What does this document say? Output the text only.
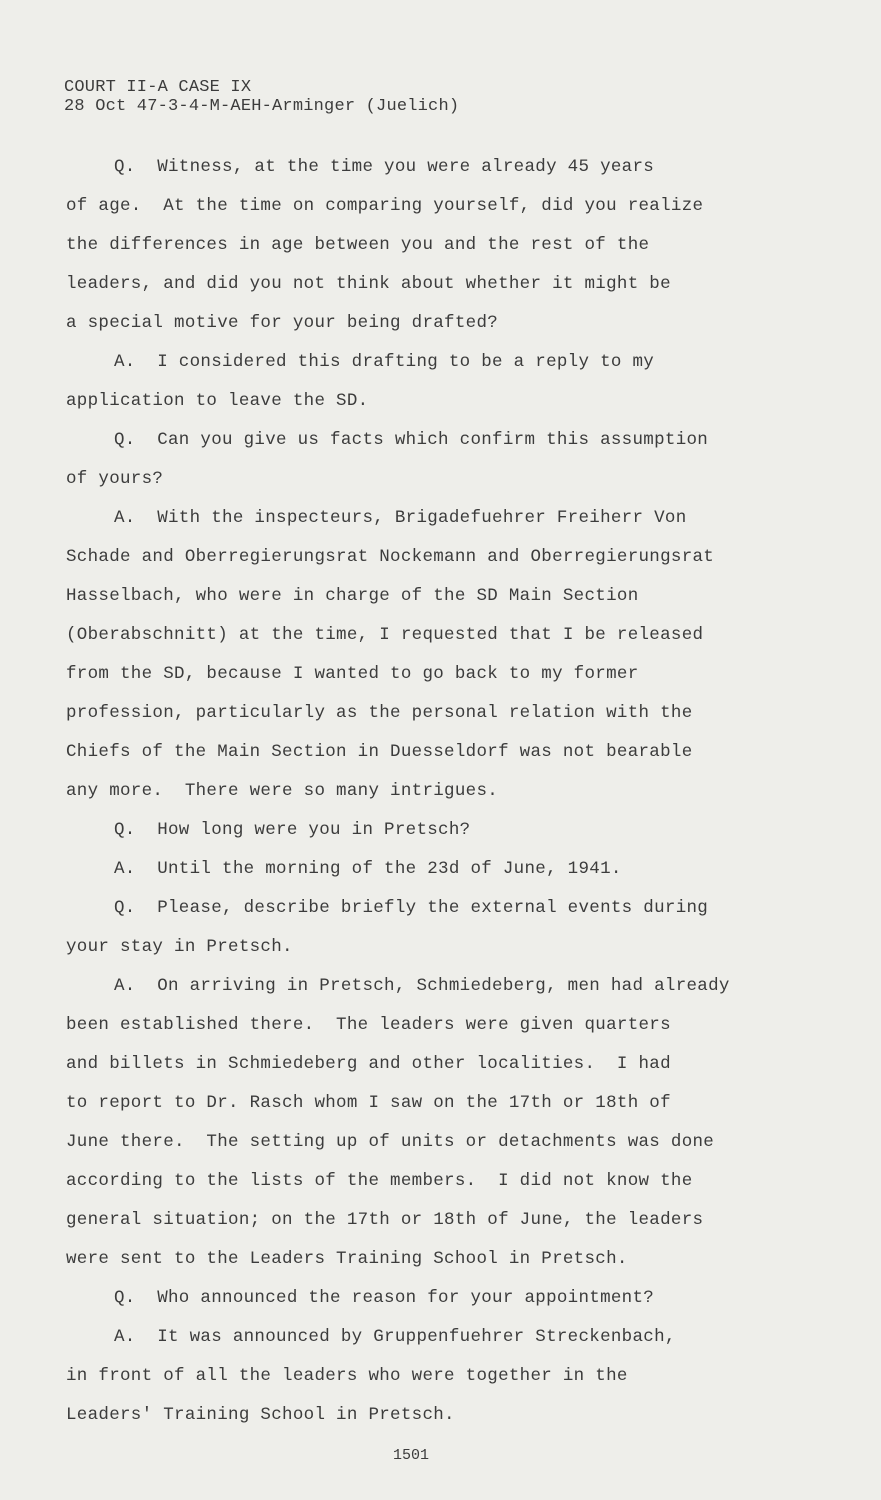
COURT II-A CASE IX
28 Oct 47-3-4-M-AEH-Arminger (Juelich)
Q.  Witness, at the time you were already 45 years
of age.  At the time on comparing yourself, did you realize
the differences in age between you and the rest of the
leaders, and did you not think about whether it might be
a special motive for your being drafted?
A.  I considered this drafting to be a reply to my
application to leave the SD.
Q.  Can you give us facts which confirm this assumption
of yours?
A.  With the inspecteurs, Brigadefuehrer Freiherr Von
Schade and Oberregierungsrat Nockemann and Oberregierungsrat
Hasselbach, who were in charge of the SD Main Section
(Oberabschnitt) at the time, I requested that I be released
from the SD, because I wanted to go back to my former
profession, particularly as the personal relation with the
Chiefs of the Main Section in Duesseldorf was not bearable
any more.  There were so many intrigues.
Q.  How long were you in Pretsch?
A.  Until the morning of the 23d of June, 1941.
Q.  Please, describe briefly the external events during
your stay in Pretsch.
A.  On arriving in Pretsch, Schmiedeberg, men had already
been established there.  The leaders were given quarters
and billets in Schmiedeberg and other localities.  I had
to report to Dr. Rasch whom I saw on the 17th or 18th of
June there.  The setting up of units or detachments was done
according to the lists of the members.  I did not know the
general situation; on the 17th or 18th of June, the leaders
were sent to the Leaders Training School in Pretsch.
Q.  Who announced the reason for your appointment?
A.  It was announced by Gruppenfuehrer Streckenbach,
in front of all the leaders who were together in the
Leaders' Training School in Pretsch.
1501
